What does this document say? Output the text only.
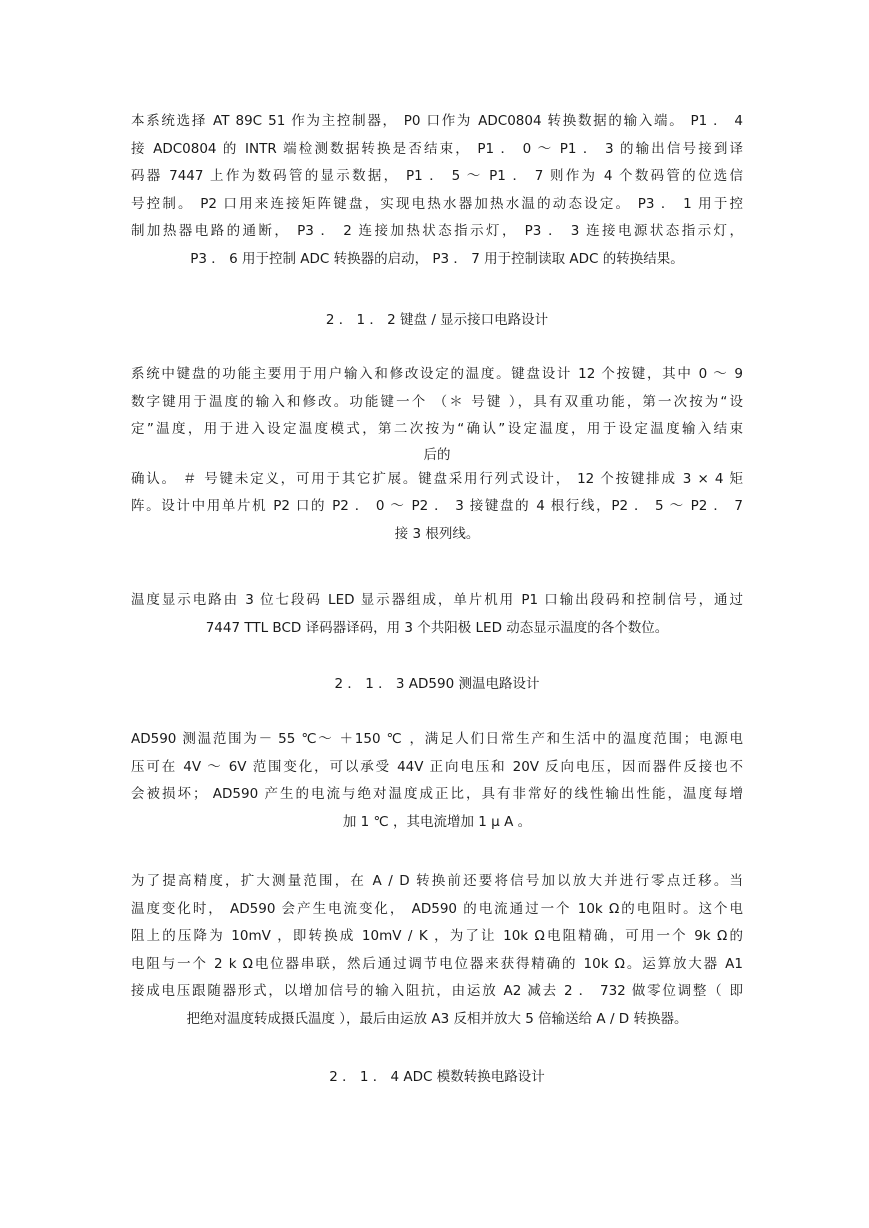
本系统选择 AT 89C 51 作为主控制器， P0 口作为 ADC0804 转换数据的输入端。 P1 ． 4
接 ADC0804 的 INTR 端检测数据转换是否结束， P1 ． 0 ～ P1 ． 3 的输出信号接到译
码器 7447 上作为数码管的显示数据， P1 ． 5 ～ P1 ． 7 则作为 4 个数码管的位选信
号控制。 P2 口用来连接矩阵键盘，实现电热水器加热水温的动态设定。 P3 ． 1 用于控
制加热器电路的通断， P3 ． 2 连接加热状态指示灯， P3 ． 3 连接电源状态指示灯，
P3 ． 6 用于控制 ADC 转换器的启动， P3 ． 7 用于控制读取 ADC 的转换结果。
2 ． 1 ． 2 键盘 / 显示接口电路设计
系统中键盘的功能主要用于用户输入和修改设定的温度。键盘设计 12 个按键，其中 0 ～ 9
数字键用于温度的输入和修改。功能键一个 （＊ 号键 ），具有双重功能，第一次按为“设
定”温度，用于进入设定温度模式，第二次按为“确认”设定温度，用于设定温度输入结束
后的
确认。 ＃ 号键未定义，可用于其它扩展。键盘采用行列式设计， 12 个按键排成 3 × 4 矩
阵。设计中用单片机 P2 口的 P2 ． 0 ～ P2 ． 3 接键盘的 4 根行线，P2 ． 5 ～ P2 ． 7
接 3 根列线。
温度显示电路由 3 位七段码 LED 显示器组成，单片机用 P1 口输出段码和控制信号，通过
7447 TTL BCD 译码器译码，用 3 个共阳极 LED 动态显示温度的各个数位。
2 ． 1 ． 3 AD590 测温电路设计
AD590 测温范围为－ 55 ℃～ ＋150 ℃ ，满足人们日常生产和生活中的温度范围；电源电
压可在 4V ～ 6V 范围变化，可以承受 44V 正向电压和 20V 反向电压，因而器件反接也不
会被损坏； AD590 产生的电流与绝对温度成正比，具有非常好的线性输出性能，温度每增
加 1 ℃ ，其电流增加 1 μ A 。
为了提高精度，扩大测量范围，在 A / D 转换前还要将信号加以放大并进行零点迁移。当
温度变化时， AD590 会产生电流变化， AD590 的电流通过一个 10k Ω的电阻时。这个电
阻上的压降为 10mV ，即转换成 10mV / K ，为了让 10k Ω电阻精确，可用一个 9k Ω的
电阻与一个 2 k Ω电位器串联，然后通过调节电位器来获得精确的 10k Ω。运算放大器 A1
接成电压跟随器形式，以增加信号的输入阻抗，由运放 A2 减去 2 ． 732 做零位调整（ 即
把绝对温度转成摄氏温度 ），最后由运放 A3 反相并放大 5 倍输送给 A / D 转换器。
2 ． 1 ． 4 ADC 模数转换电路设计
